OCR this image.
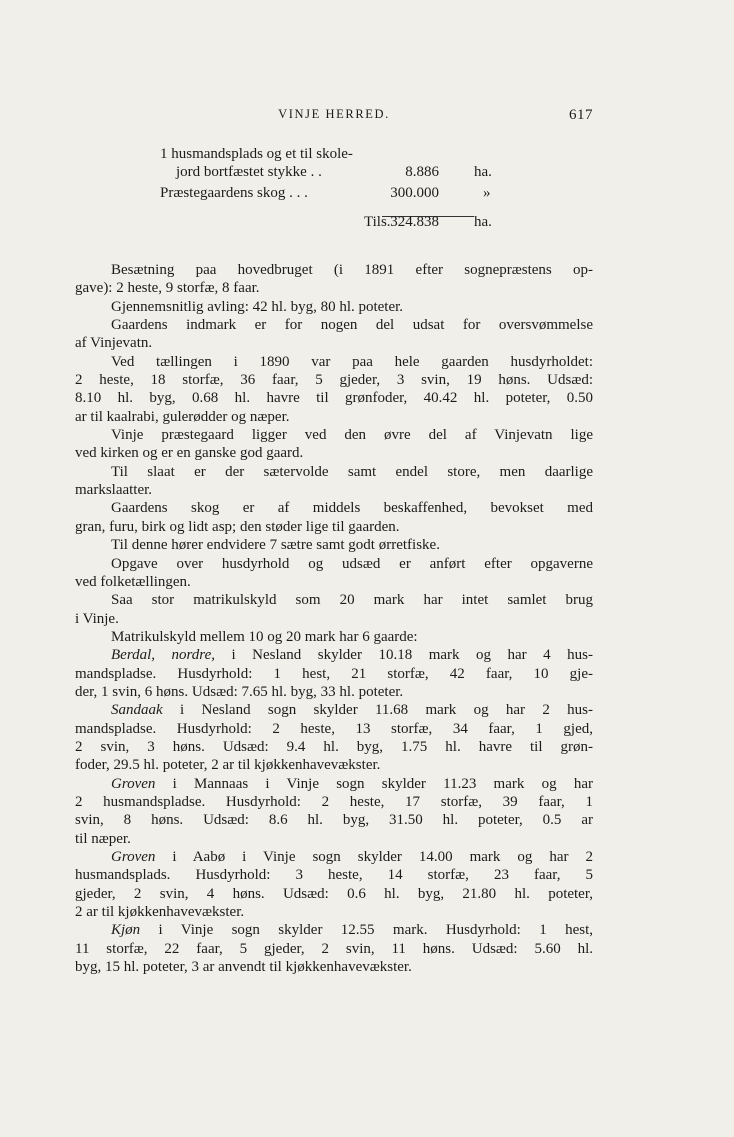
VINJE HERRED.	617
1 husmandsplads og et til skole-
jord bortfæstet stykke . .	8.886 ha.
Præstegaardens skog . . .	300.000	»
Tils. 324.838 ha.
Besætning paa hovedbruget (i 1891 efter sognepræstens op-
gave): 2 heste, 9 storfæ, 8 faar.
Gjennemsnitlig avling: 42 hl. byg, 80 hl. poteter.
Gaardens indmark er for nogen del udsat for oversvømmelse
af Vinjevatn.
Ved tællingen i 1890 var paa hele gaarden husdyrholdet:
2 heste, 18 storfæ, 36 faar, 5 gjeder, 3 svin, 19 høns. Udsæd:
8.10 hl. byg, 0.68 hl. havre til grønfoder, 40.42 hl. poteter, 0.50
ar til kaalrabi, gulerødder og næper.
Vinje præstegaard ligger ved den øvre del af Vinjevatn lige
ved kirken og er en ganske god gaard.
Til slaat er der sætervolde samt endel store, men daarlige
markslaatter.
Gaardens skog er af middels beskaffenhed, bevokset med
gran, furu, birk og lidt asp; den støder lige til gaarden.
Til denne hører endvidere 7 sætre samt godt ørretfiske.
Opgave over husdyrhold og udsæd er anført efter opgaverne
ved folketællingen.
Saa stor matrikulskyld som 20 mark har intet samlet brug
i Vinje.
Matrikulskyld mellem 10 og 20 mark har 6 gaarde:
Berdal, nordre, i Nesland skylder 10.18 mark og har 4 hus-
mandspladse. Husdyrhold: 1 hest, 21 storfæ, 42 faar, 10 gje-
der, 1 svin, 6 høns. Udsæd: 7.65 hl. byg, 33 hl. poteter.
Sandaak i Nesland sogn skylder 11.68 mark og har 2 hus-
mandspladse. Husdyrhold: 2 heste, 13 storfæ, 34 faar, 1 gjed,
2 svin, 3 høns. Udsæd: 9.4 hl. byg, 1.75 hl. havre til grøn-
foder, 29.5 hl. poteter, 2 ar til kjøkkenhavevækster.
Groven i Mannaas i Vinje sogn skylder 11.23 mark og har
2 husmandspladse. Husdyrhold: 2 heste, 17 storfæ, 39 faar, 1
svin, 8 høns. Udsæd: 8.6 hl. byg, 31.50 hl. poteter, 0.5 ar
til næper.
Groven i Aabø i Vinje sogn skylder 14.00 mark og har 2
husmandsplads. Husdyrhold: 3 heste, 14 storfæ, 23 faar, 5
gjeder, 2 svin, 4 høns. Udsæd: 0.6 hl. byg, 21.80 hl. poteter,
2 ar til kjøkkenhavevækster.
Kjøn i Vinje sogn skylder 12.55 mark. Husdyrhold: 1 hest,
11 storfæ, 22 faar, 5 gjeder, 2 svin, 11 høns. Udsæd: 5.60 hl.
byg, 15 hl. poteter, 3 ar anvendt til kjøkkenhavevækster.
